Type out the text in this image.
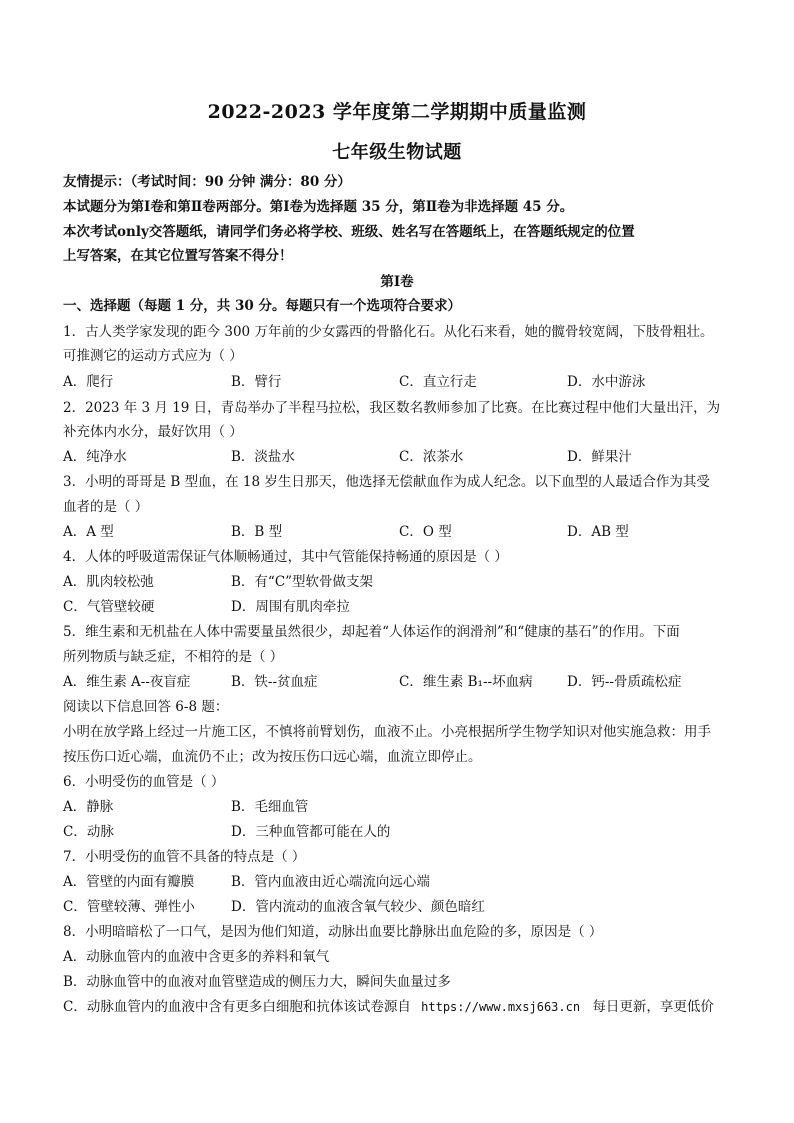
2022-2023 学年度第二学期期中质量监测
七年级生物试题
友情提示：（考试时间：90 分钟 满分：80 分）
本试题分为第Ⅰ卷和第Ⅱ卷两部分。第Ⅰ卷为选择题 35 分，第Ⅱ卷为非选择题 45 分。
本次考试only交答题纸，请同学们务必将学校、班级、姓名写在答题纸上，在答题纸规定的位置
上写答案，在其它位置写答案不得分！
第Ⅰ卷
一、选择题（每题 1 分，共 30 分。每题只有一个选项符合要求）
1．古人类学家发现的距今 300 万年前的少女露西的骨骼化石。从化石来看，她的髋骨较宽阔，下肢骨粗壮。
可推测它的运动方式应为（ ）
A．爬行	B．臂行	C．直立行走	D．水中游泳
2．2023 年 3 月 19 日，青岛举办了半程马拉松，我区数名教师参加了比赛。在比赛过程中他们大量出汗，为
补充体内水分，最好饮用（ ）
A．纯净水	B．淡盐水	C．浓茶水	D．鲜果汁
3．小明的哥哥是 B 型血，在 18 岁生日那天，他选择无偿献血作为成人纪念。以下血型的人最适合作为其受
血者的是（ ）
A．A 型	B．B 型	C．O 型	D．AB 型
4．人体的呼吸道需保证气体顺畅通过，其中气管能保持畅通的原因是（ ）
A．肌肉较松弛	B．有“C”型软骨做支架
C．气管壁较硬	D．周围有肌肉牵拉
5．维生素和无机盐在人体中需要量虽然很少，却起着“人体运作的润滑剂”和“健康的基石”的作用。下面
所列物质与缺乏症，不相符的是（ ）
A．维生素 A--夜盲症	B．铁--贫血症	C．维生素 B₁--坏血病	D．钙--骨质疏松症
阅读以下信息回答 6-8 题：
小明在放学路上经过一片施工区，不慎将前臂划伤，血液不止。小亮根据所学生物学知识对他实施急救：用手
按压伤口近心端，血流仍不止；改为按压伤口远心端，血流立即停止。
6．小明受伤的血管是（ ）
A．静脉	B．毛细血管
C．动脉	D．三种血管都可能在人的
7．小明受伤的血管不具备的特点是（ ）
A．管壁的内面有瓣膜	B．管内血液由近心端流向远心端
C．管壁较薄、弹性小	D．管内流动的血液含氧气较少、颜色暗红
8．小明暗暗松了一口气，是因为他们知道，动脉出血要比静脉出血危险的多，原因是（ ）
A．动脉血管内的血液中含更多的养料和氧气
B．动脉血管中的血液对血管壁造成的侧压力大，瞬间失血量过多
C．动脉血管内的血液中含有更多白细胞和抗体该试卷源自 https://www.mxsj663.cn 每日更新，享更低价
